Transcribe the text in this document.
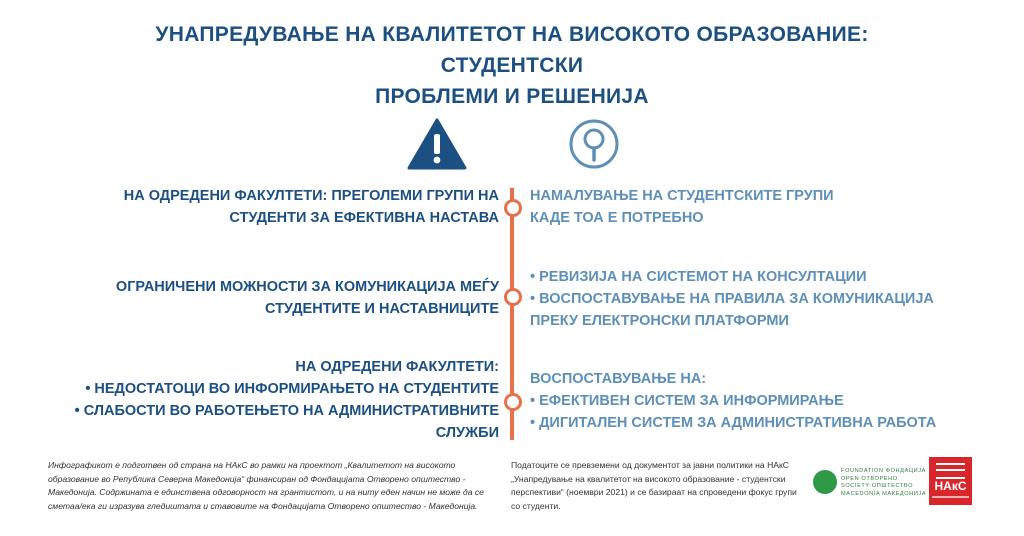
УНАПРЕДУВАЊЕ НА КВАЛИТЕТОТ НА ВИСОКОТО ОБРАЗОВАНИЕ:
СТУДЕНТСКИ
ПРОБЛЕМИ И РЕШЕНИЈА
НА ОДРЕДЕНИ ФАКУЛТЕТИ: ПРЕГОЛЕМИ ГРУПИ НА
СТУДЕНТИ ЗА ЕФЕКТИВНА НАСТАВА
НАМАЛУВАЊЕ НА СТУДЕНТСКИТЕ ГРУПИ
КАДЕ ТОА Е ПОТРЕБНО
ОГРАНИЧЕНИ МОЖНОСТИ ЗА КОМУНИКАЦИЈА МЕЃУ
СТУДЕНТИТЕ И НАСТАВНИЦИТЕ
• РЕВИЗИЈА НА СИСТЕМОТ НА КОНСУЛТАЦИИ
• ВОСПОСТАВУВАЊЕ НА ПРАВИЛА ЗА КОМУНИКАЦИЈА
ПРЕКУ ЕЛЕКТРОНСКИ ПЛАТФОРМИ
НА ОДРЕДЕНИ ФАКУЛТЕТИ:
• НЕДОСТАТОЦИ ВО ИНФОРМИРАЊЕТО НА СТУДЕНТИТЕ
• СЛАБОСТИ ВО РАБОТЕЊЕТО НА АДМИНИСТРАТИВНИТЕ
СЛУЖБИ
ВОСПОСТАВУВАЊЕ НА:
• ЕФЕКТИВЕН СИСТЕМ ЗА ИНФОРМИРАЊЕ
• ДИГИТАЛЕН СИСТЕМ ЗА АДМИНИСТРАТИВНА РАБОТА
Инфографикот е подготвен од страна на НАкС во рамки на проектот „Квалитетот на високото образование во Република Северна Македонија“ финансиран од Фондацијата Отворено општество - Македонија. Содржината е единствена одговорност на грантистот, и на ниту еден начин не може да се сметаа/ека ги изразува гледиштата и ставовите на Фондацијата Отворено општество - Македонија.
Податоците се превземени од документот за јавни политики на НАкС „Унапредување на квалитетот на високото образование - студентски перспективи“ (ноември 2021) и се базираат на спроведени фокус групи со студенти.
FOUNDATION ФОНДАЦИЈА
OPEN ОТВОРЕНО
SOCIETY ОПШТЕСТВО
MACEDONIA МАКЕДОНИЈА
НАкС
